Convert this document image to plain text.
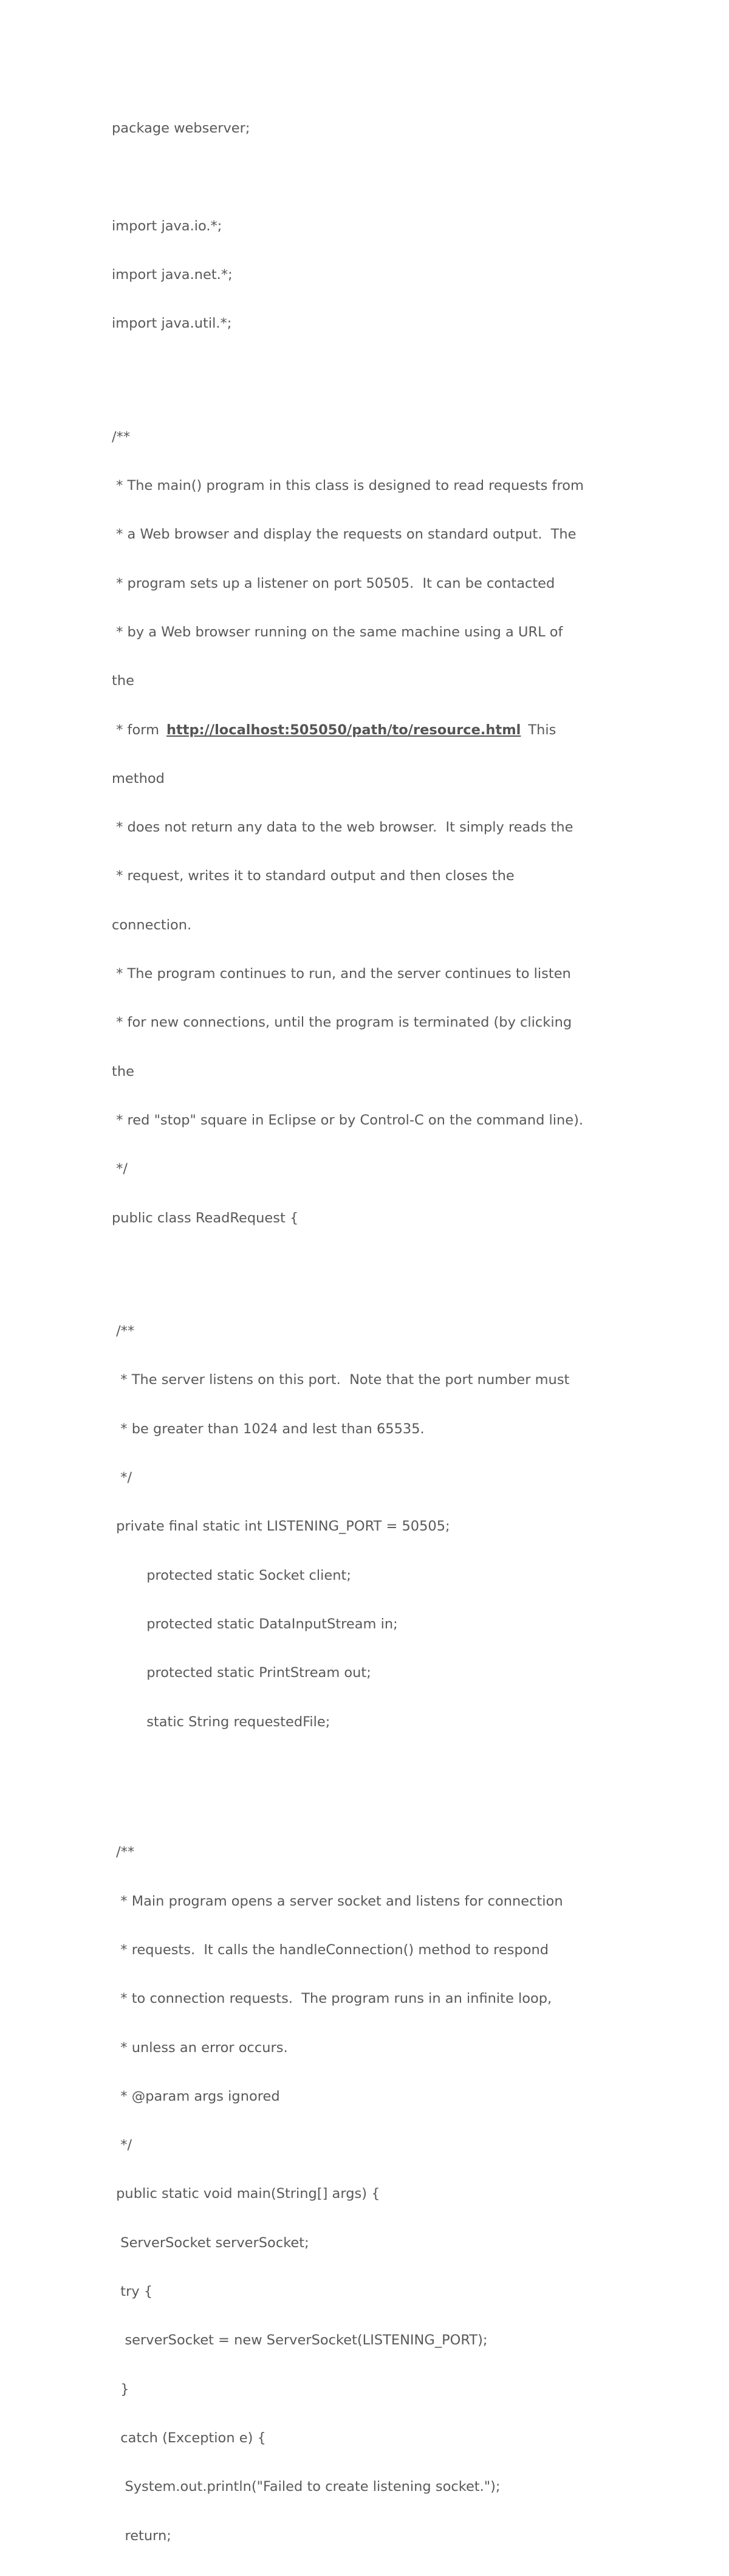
package webserver;

import java.io.*;

import java.net.*;

import java.util.*;

/**

* The main() program in this class is designed to read requests from

* a Web browser and display the requests on standard output.  The

* program sets up a listener on port 50505.  It can be contacted

* by a Web browser running on the same machine using a URL of

the

* form http://localhost:505050/path/to/resource.html This

method

* does not return any data to the web browser.  It simply reads the

* request, writes it to standard output and then closes the

connection.

* The program continues to run, and the server continues to listen

* for new connections, until the program is terminated (by clicking

the

* red "stop" square in Eclipse or by Control-C on the command line).

*/

public class ReadRequest {

/**

* The server listens on this port.  Note that the port number must

* be greater than 1024 and lest than 65535.

*/

private final static int LISTENING_PORT = 50505;

protected static Socket client;

protected static DataInputStream in;

protected static PrintStream out;

static String requestedFile;

/**

* Main program opens a server socket and listens for connection

* requests.  It calls the handleConnection() method to respond

* to connection requests.  The program runs in an infinite loop,

* unless an error occurs.

* @param args ignored

*/

public static void main(String[] args) {

ServerSocket serverSocket;

try {

serverSocket = new ServerSocket(LISTENING_PORT);

}

catch (Exception e) {

System.out.println("Failed to create listening socket.");

return;
